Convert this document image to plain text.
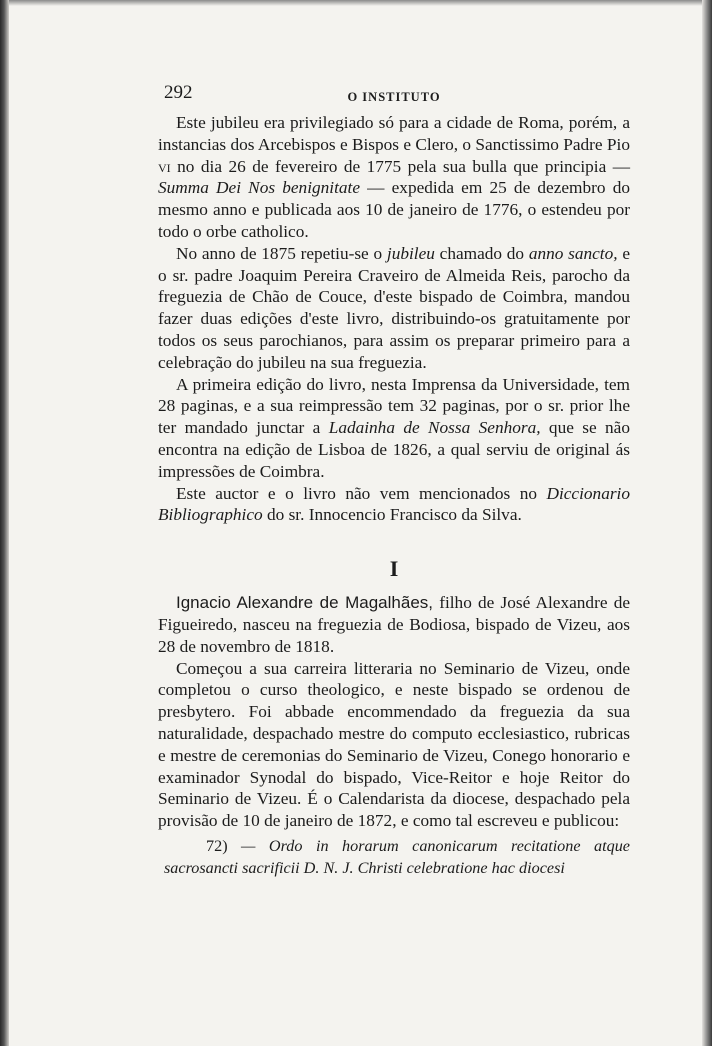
292	O INSTITUTO

Este jubileu era privilegiado só para a cidade de Roma, porém, a instancias dos Arcebispos e Bispos e Clero, o Sanctissimo Padre Pio vi no dia 26 de fevereiro de 1775 pela sua bulla que principia — Summa Dei Nos benignitate — expedida em 25 de dezembro do mesmo anno e publicada aos 10 de janeiro de 1776, o estendeu por todo o orbe catholico.

No anno de 1875 repetiu-se o jubileu chamado do anno sancto, e o sr. padre Joaquim Pereira Craveiro de Almeida Reis, parocho da freguezia de Chão de Couce, d'este bispado de Coimbra, mandou fazer duas edições d'este livro, distribuindo-os gratuitamente por todos os seus parochianos, para assim os preparar primeiro para a celebração do jubileu na sua freguezia.

A primeira edição do livro, nesta Imprensa da Universidade, tem 28 paginas, e a sua reimpressão tem 32 paginas, por o sr. prior lhe ter mandado junctar a Ladainha de Nossa Senhora, que se não encontra na edição de Lisboa de 1826, a qual serviu de original ás impressões de Coimbra.

Este auctor e o livro não vem mencionados no Diccionario Bibliographico do sr. Innocencio Francisco da Silva.

I

Ignacio Alexandre de Magalhães, filho de José Alexandre de Figueiredo, nasceu na freguezia de Bodiosa, bispado de Vizeu, aos 28 de novembro de 1818.

Começou a sua carreira litteraria no Seminario de Vizeu, onde completou o curso theologico, e neste bispado se ordenou de presbytero. Foi abbade encommendado da freguezia da sua naturalidade, despachado mestre do computo ecclesiastico, rubricas e mestre de ceremonias do Seminario de Vizeu, Conego honorario e examinador Synodal do bispado, Vice-Reitor e hoje Reitor do Seminario de Vizeu. É o Calendarista da diocese, despachado pela provisão de 10 de janeiro de 1872, e como tal escreveu e publicou:

72) — Ordo in horarum canonicarum recitatione atque sacrosancti sacrificii D. N. J. Christi celebratione hac diocesi
